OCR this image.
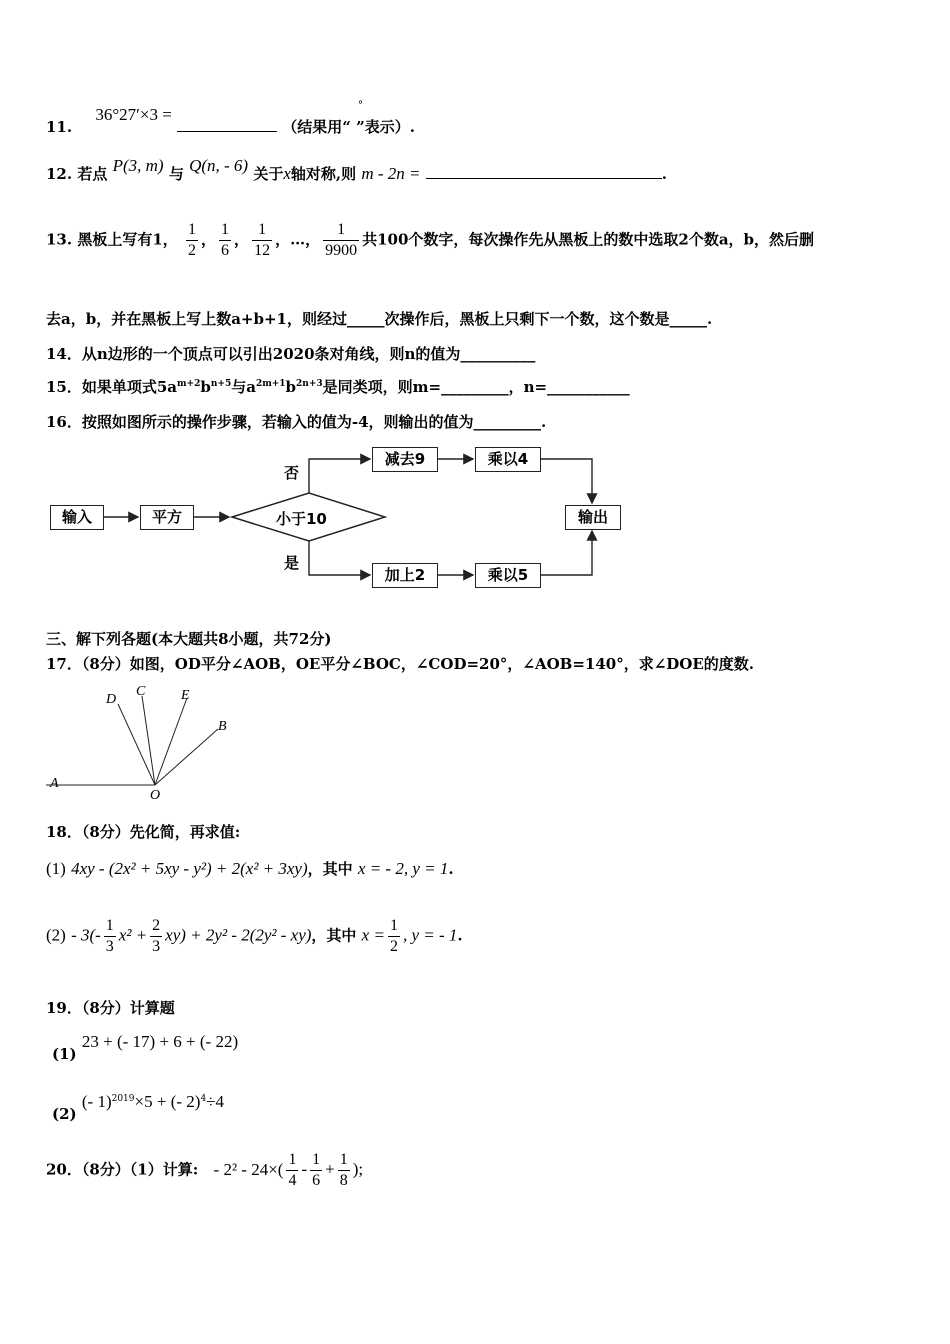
11. 36°27′×3 =  （结果用“ ”表示）.
°
12. 若点 P(3, m) 与 Q(n, - 6) 关于x轴对称,则 m - 2n =	.
13. 黑板上写有1， $\frac{1}{2}$ ， $\frac{1}{6}$ ， $\frac{1}{12}$ ，…， $\frac{1}{9900}$ 共100个数字，每次操作先从黑板上的数中选取2个数a，b，然后删
去a，b，并在黑板上写上数a+b+1，则经过_____次操作后，黑板上只剩下一个数，这个数是_____.
14．从n边形的一个顶点可以引出2020条对角线，则n的值为__________
15．如果单项式$5a^{m+2}b^{n+5}$与$a^{2m+1}b^{2n+3}$是同类项，则m=_________，n=___________
16．按照如图所示的操作步骤，若输入的值为-4，则输出的值为_________.
输入	平方	小于10
否
是
减去9	乘以4
加上2	乘以5
输出
三、解下列各题(本大题共8小题，共72分)
17．（8分）如图，OD平分∠AOB，OE平分∠BOC，∠COD=20°，∠AOB=140°，求∠DOE的度数.
D
C	E
B
A
O
18．（8分）先化简，再求值:
(1) 4xy - (2x² + 5xy - y²) + 2(x² + 3xy)，其中 x = - 2, y = 1.
$(2) - 3(- \frac{1}{3} x^2 + \frac{2}{3} xy) + 2y^2 - 2(2y^2 - xy)$，其中 $x = \frac{1}{2}$ , y = - 1.
19．（8分）计算题
(1) 23 + (- 17) + 6 + (- 22)
(2) (- 1)$^{2019}$×5 + (- 2)$^4$÷4
20．（8分）（1）计算: - $2^2 - 24\times( \frac{1}{4} - \frac{1}{6} + \frac{1}{8}$ );
